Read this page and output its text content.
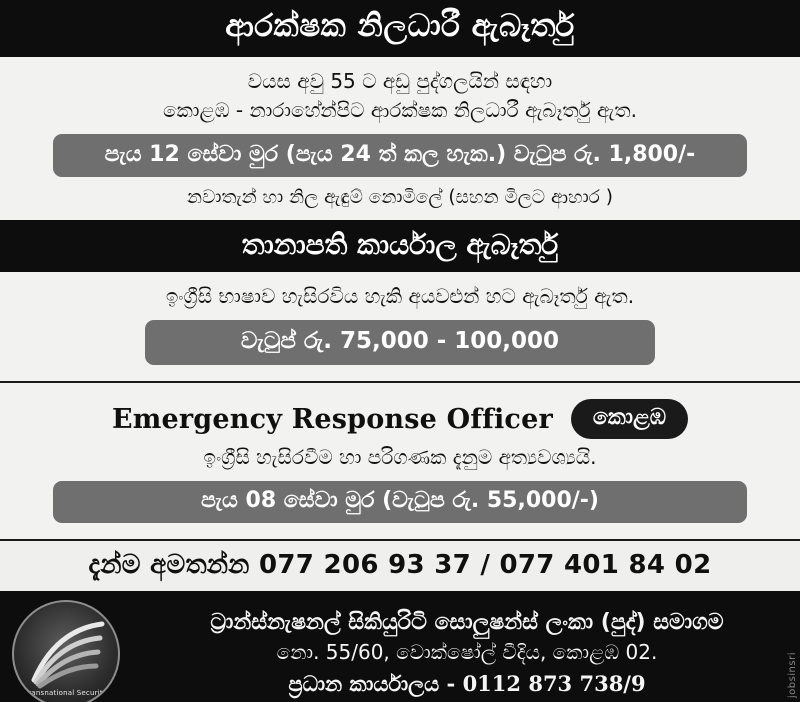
ආරක්ෂක නිලධාරී ඇබෑර්තු
වයස අවු 55 ට අඩු පුද්ගලයින් සඳහා
කොළඹ - නාරාහේන්පිට ආරක්ෂක නිලධාරී ඇබෑර්තු ඇත.
පැය 12 සේවා මුර (පැය 24 ත් කල හැක.) වැටුප රු. 1,800/-
නවාතැන් හා නිල ඇඳුම් නොමිලේ (සහන මිලට ආහාර )
තානාපති කාර්යාල ඇබෑර්තු
ඉංග්‍රීසි භාෂාව හැසිරවිය හැකි අයවළුන් හට ඇබෑර්තු ඇත.
වැටුප් රු. 75,000 - 100,000
Emergency Response Officer	කොළඹ
ඉංග්‍රීසි හැසිරවීම හා පරිගණක දැනුම අත්‍යවශ්‍යයි.
පැය 08 සේවා මුර (වැටුප රු. 55,000/-)
දැන්ම අමතන්න 077 206 93 37 / 077 401 84 02
Transnational Security
ට්‍රාන්ස්නැෂනල් සිකියුරිටි සොලුෂන්ස් ලංකා (පුද්) සමාගම
නො. 55/60, වොක්ෂෝල් වීදිය, කොළඹ 02.
ප්‍රධාන කාර්යාලය - 0112 873 738/9	jobsinsri
